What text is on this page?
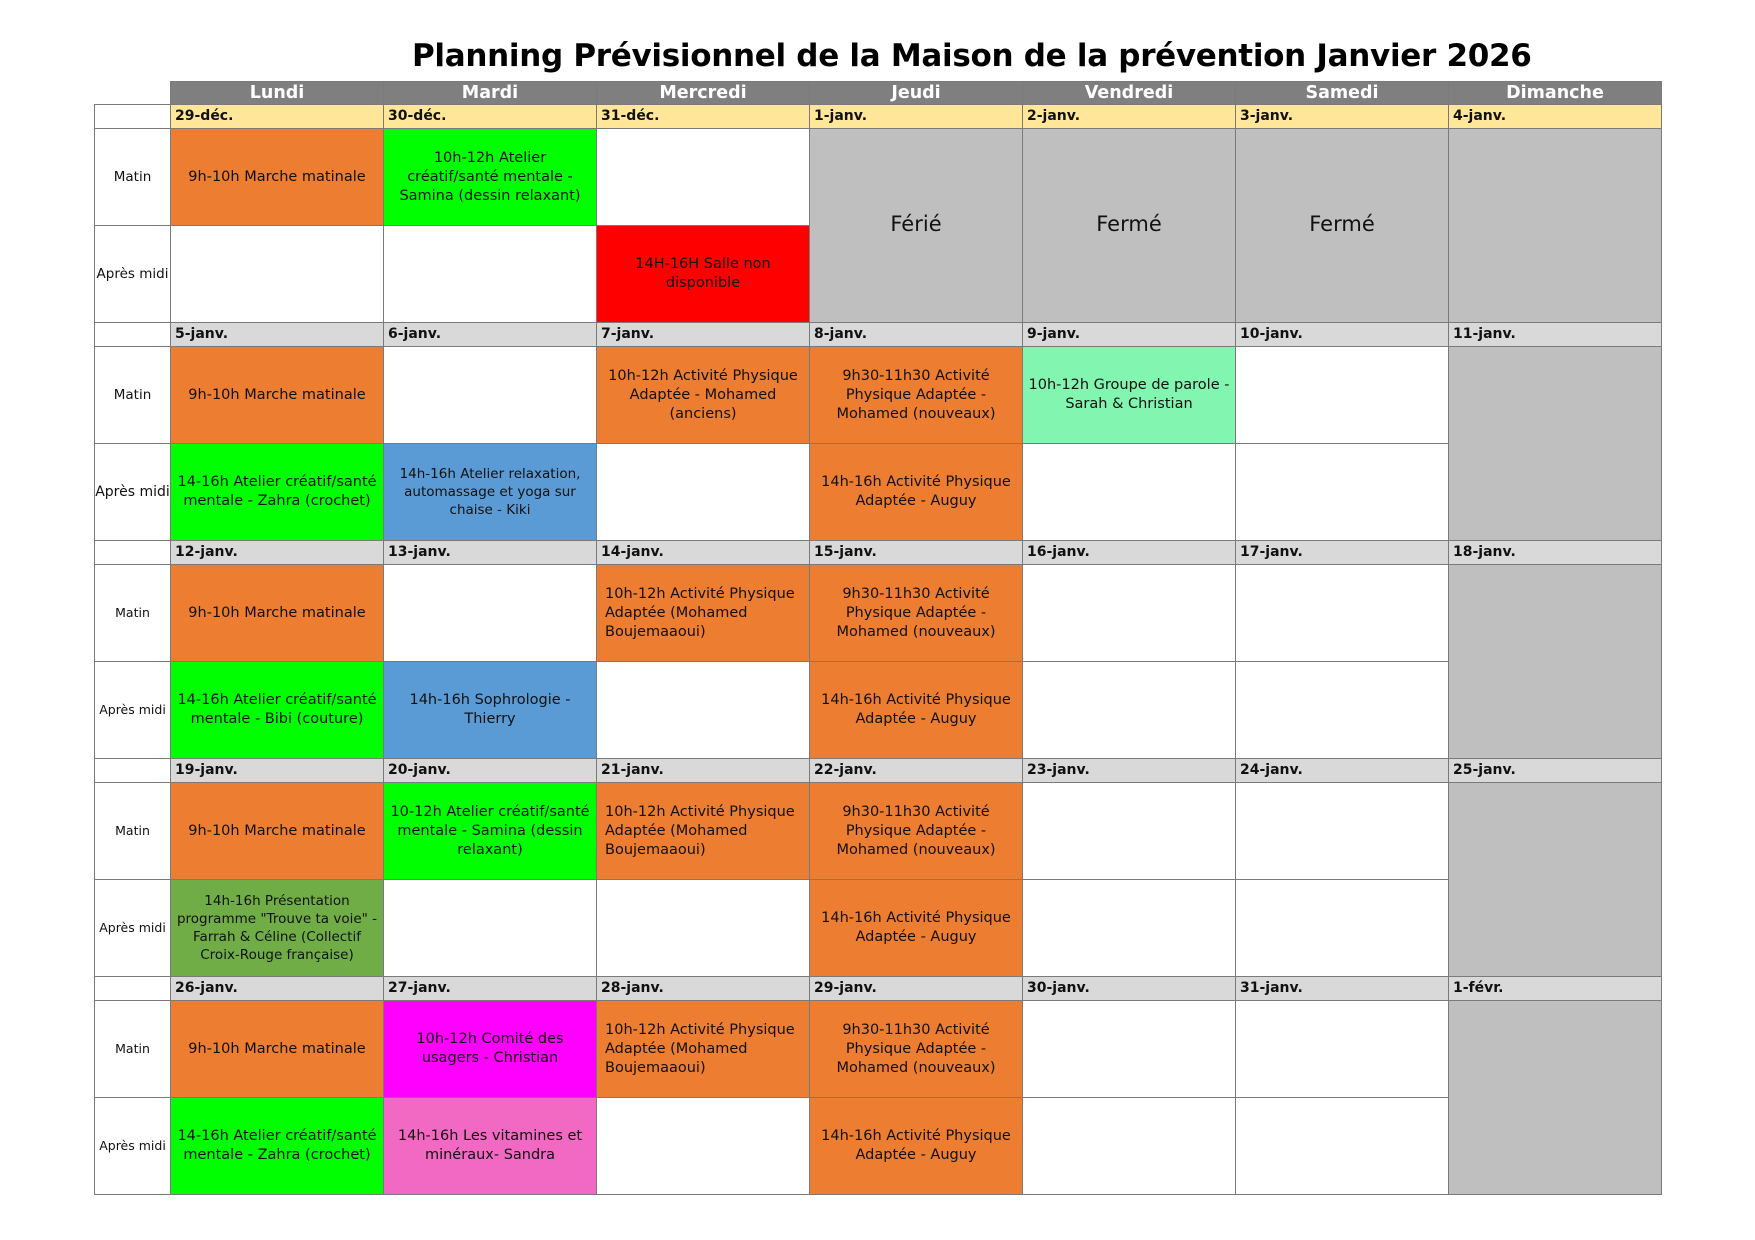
Planning Prévisionnel de la Maison de la prévention Janvier 2026
	Lundi	Mardi	Mercredi	Jeudi	Vendredi	Samedi	Dimanche
	29-déc.	30-déc.	31-déc.	1-janv.	2-janv.	3-janv.	4-janv.
Matin	9h-10h Marche matinale	10h-12h Atelier créatif/santé mentale - Samina (dessin relaxant)		Férié	Fermé	Fermé	
Après midi			14H-16H Salle non disponible				
	5-janv.	6-janv.	7-janv.	8-janv.	9-janv.	10-janv.	11-janv.
Matin	9h-10h Marche matinale		10h-12h Activité Physique Adaptée - Mohamed (anciens)	9h30-11h30 Activité Physique Adaptée - Mohamed (nouveaux)	10h-12h Groupe de parole - Sarah & Christian		
Après midi	14-16h Atelier créatif/santé mentale - Zahra (crochet)	14h-16h Atelier relaxation, automassage et yoga sur chaise - Kiki		14h-16h Activité Physique Adaptée - Auguy			
	12-janv.	13-janv.	14-janv.	15-janv.	16-janv.	17-janv.	18-janv.
Matin	9h-10h Marche matinale		10h-12h Activité Physique Adaptée (Mohamed Boujemaaoui)	9h30-11h30 Activité Physique Adaptée - Mohamed (nouveaux)			
Après midi	14-16h Atelier créatif/santé mentale - Bibi (couture)	14h-16h Sophrologie - Thierry		14h-16h Activité Physique Adaptée - Auguy			
	19-janv.	20-janv.	21-janv.	22-janv.	23-janv.	24-janv.	25-janv.
Matin	9h-10h Marche matinale	10-12h Atelier créatif/santé mentale - Samina (dessin relaxant)	10h-12h Activité Physique Adaptée (Mohamed Boujemaaoui)	9h30-11h30 Activité Physique Adaptée - Mohamed (nouveaux)			
Après midi	14h-16h Présentation programme "Trouve ta voie" - Farrah & Céline (Collectif Croix-Rouge française)			14h-16h Activité Physique Adaptée - Auguy			
	26-janv.	27-janv.	28-janv.	29-janv.	30-janv.	31-janv.	1-févr.
Matin	9h-10h Marche matinale	10h-12h Comité des usagers - Christian	10h-12h Activité Physique Adaptée (Mohamed Boujemaaoui)	9h30-11h30 Activité Physique Adaptée - Mohamed (nouveaux)			
Après midi	14-16h Atelier créatif/santé mentale - Zahra (crochet)	14h-16h Les vitamines et minéraux- Sandra		14h-16h Activité Physique Adaptée - Auguy			
